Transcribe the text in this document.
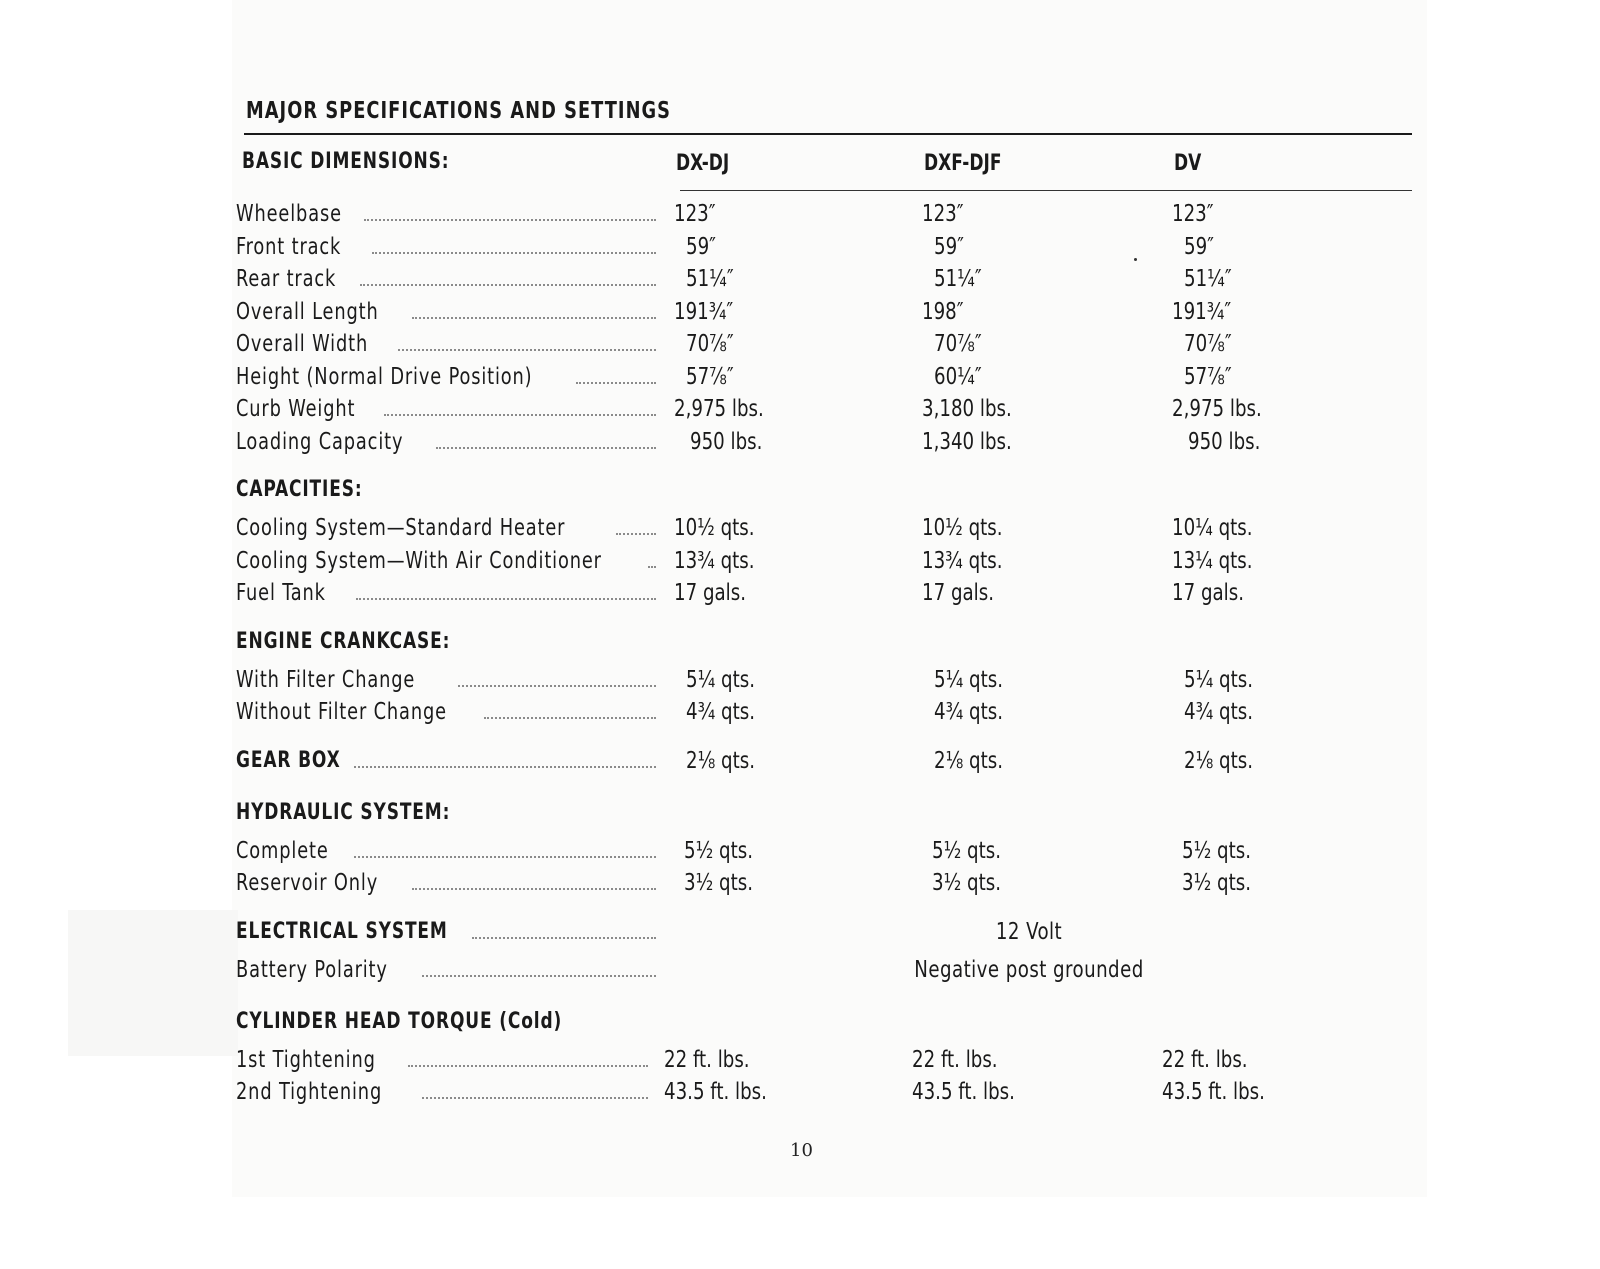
MAJOR SPECIFICATIONS AND SETTINGS
BASIC DIMENSIONS:	DX-DJ	DXF-DJF	DV
Wheelbase	123″	123″	123″
Front track	59″	59″	59″
Rear track	51¼″	51¼″	51¼″
Overall Length	191¾″	198″	191¾″
Overall Width	70⅞″	70⅞″	70⅞″
Height (Normal Drive Position)	57⅞″	60¼″	57⅞″
Curb Weight	2,975 lbs.	3,180 lbs.	2,975 lbs.
Loading Capacity	950 lbs.	1,340 lbs.	950 lbs.
CAPACITIES:
Cooling System—Standard Heater	10½ qts.	10½ qts.	10¼ qts.
Cooling System—With Air Conditioner	13¾ qts.	13¾ qts.	13¼ qts.
Fuel Tank	17 gals.	17 gals.	17 gals.
ENGINE CRANKCASE:
With Filter Change	5¼ qts.	5¼ qts.	5¼ qts.
Without Filter Change	4¾ qts.	4¾ qts.	4¾ qts.
GEAR BOX	2⅛ qts.	2⅛ qts.	2⅛ qts.
HYDRAULIC SYSTEM:
Complete	5½ qts.	5½ qts.	5½ qts.
Reservoir Only	3½ qts.	3½ qts.	3½ qts.
ELECTRICAL SYSTEM	12 Volt
Battery Polarity	Negative post grounded
CYLINDER HEAD TORQUE (Cold)
1st Tightening	22 ft. lbs.	22 ft. lbs.	22 ft. lbs.
2nd Tightening	43.5 ft. lbs.	43.5 ft. lbs.	43.5 ft. lbs.
10
